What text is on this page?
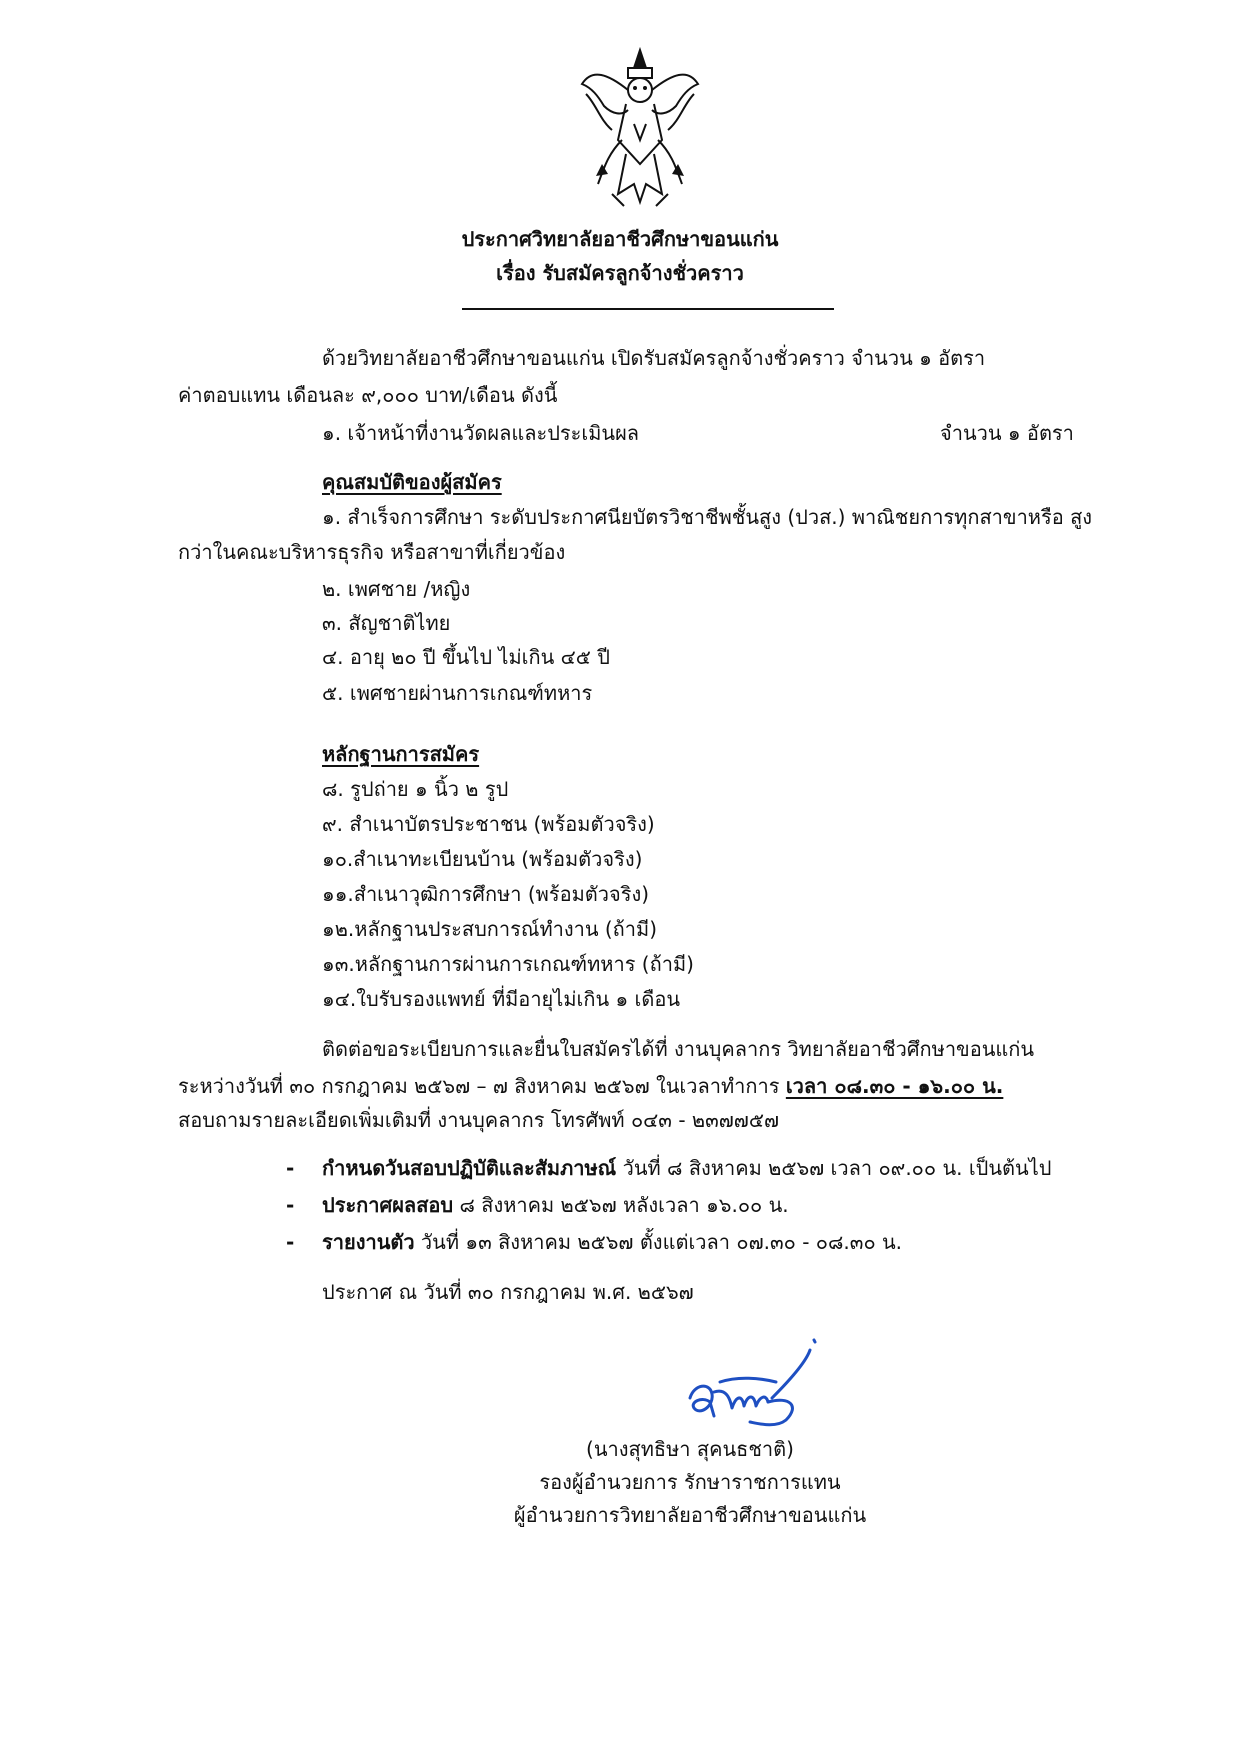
ประกาศวิทยาลัยอาชีวศึกษาขอนแก่น
เรื่อง รับสมัครลูกจ้างชั่วคราว
ด้วยวิทยาลัยอาชีวศึกษาขอนแก่น เปิดรับสมัครลูกจ้างชั่วคราว จำนวน ๑ อัตรา
ค่าตอบแทน เดือนละ ๙,๐๐๐ บาท/เดือน ดังนี้
๑. เจ้าหน้าที่งานวัดผลและประเมินผล	จำนวน ๑ อัตรา
คุณสมบัติของผู้สมัคร
๑. สำเร็จการศึกษา ระดับประกาศนียบัตรวิชาชีพชั้นสูง (ปวส.) พาณิชยการทุกสาขาหรือ สูง
กว่าในคณะบริหารธุรกิจ หรือสาขาที่เกี่ยวข้อง
๒. เพศชาย /หญิง
๓. สัญชาติไทย
๔. อายุ ๒๐ ปี ขึ้นไป ไม่เกิน ๔๕ ปี
๕. เพศชายผ่านการเกณฑ์ทหาร
หลักฐานการสมัคร
๘. รูปถ่าย ๑ นิ้ว ๒ รูป
๙. สำเนาบัตรประชาชน (พร้อมตัวจริง)
๑๐.สำเนาทะเบียนบ้าน (พร้อมตัวจริง)
๑๑.สำเนาวุฒิการศึกษา (พร้อมตัวจริง)
๑๒.หลักฐานประสบการณ์ทำงาน (ถ้ามี)
๑๓.หลักฐานการผ่านการเกณฑ์ทหาร (ถ้ามี)
๑๔.ใบรับรองแพทย์ ที่มีอายุไม่เกิน ๑ เดือน
ติดต่อขอระเบียบการและยื่นใบสมัครได้ที่ งานบุคลากร วิทยาลัยอาชีวศึกษาขอนแก่น
ระหว่างวันที่ ๓๐ กรกฎาคม ๒๕๖๗ – ๗ สิงหาคม ๒๕๖๗ ในเวลาทำการ เวลา ๐๘.๓๐ - ๑๖.๐๐ น.
สอบถามรายละเอียดเพิ่มเติมที่ งานบุคลากร โทรศัพท์ ๐๔๓ - ๒๓๗๗๕๗
- กำหนดวันสอบปฏิบัติและสัมภาษณ์ วันที่ ๘ สิงหาคม ๒๕๖๗ เวลา ๐๙.๐๐ น. เป็นต้นไป
- ประกาศผลสอบ ๘ สิงหาคม ๒๕๖๗ หลังเวลา ๑๖.๐๐ น.
- รายงานตัว วันที่ ๑๓ สิงหาคม ๒๕๖๗ ตั้งแต่เวลา ๐๗.๓๐ - ๐๘.๓๐ น.
ประกาศ ณ วันที่ ๓๐ กรกฎาคม พ.ศ. ๒๕๖๗
(นางสุทธิษา สุคนธชาติ)
รองผู้อำนวยการ รักษาราชการแทน
ผู้อำนวยการวิทยาลัยอาชีวศึกษาขอนแก่น
